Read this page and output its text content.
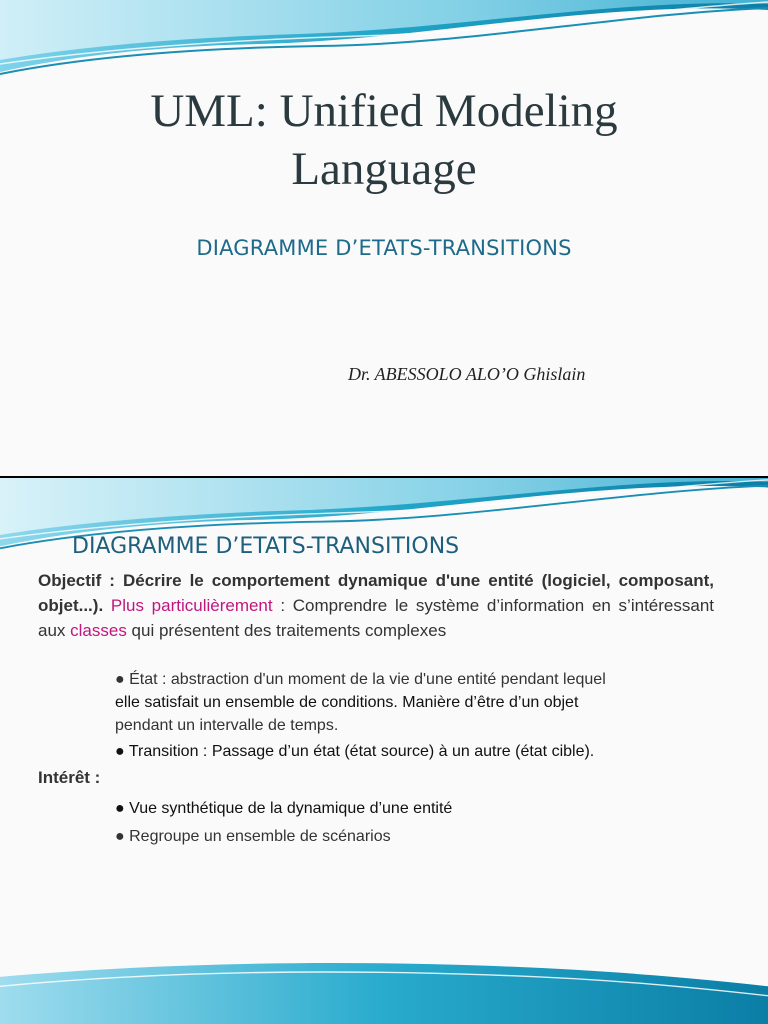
UML: Unified Modeling
Language
DIAGRAMME D’ETATS-TRANSITIONS
Dr. ABESSOLO ALO’O Ghislain
DIAGRAMME D’ETATS-TRANSITIONS
Objectif : Décrire le comportement dynamique d'une entité (logiciel, composant, objet...). Plus particulièrement : Comprendre le système d’information en s’intéressant aux classes qui présentent des traitements complexes
● État : abstraction d'un moment de la vie d'une entité pendant lequel
elle satisfait un ensemble de conditions. Manière d’être d’un objet
pendant un intervalle de temps.
● Transition : Passage d’un état (état source) à un autre (état cible).
Intérêt :
● Vue synthétique de la dynamique d’une entité
● Regroupe un ensemble de scénarios
